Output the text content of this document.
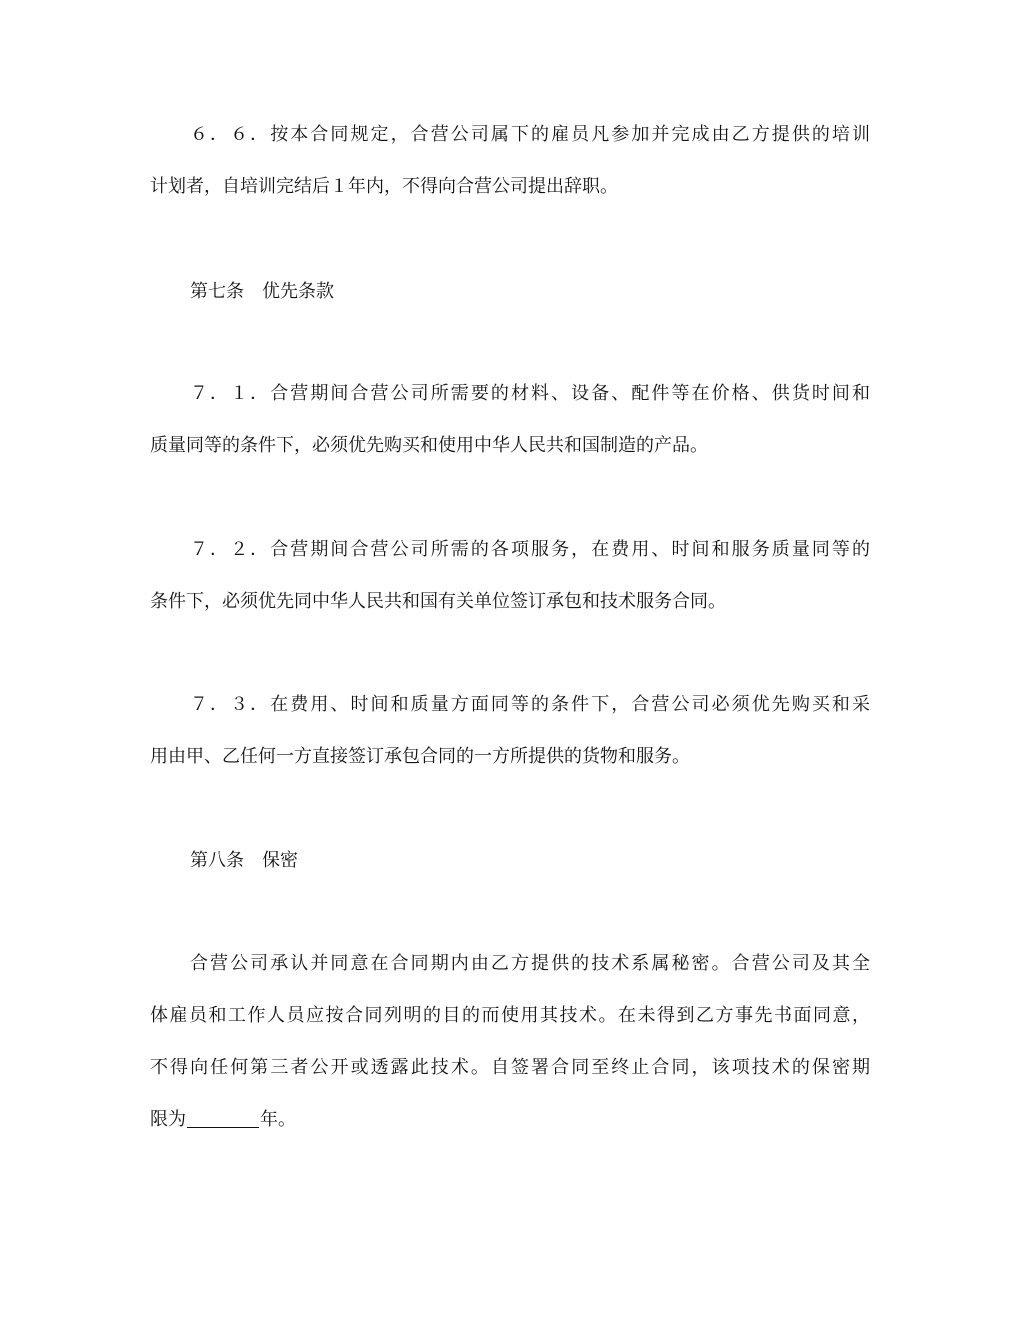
６．６．按本合同规定，合营公司属下的雇员凡参加并完成由乙方提供的培训
计划者，自培训完结后１年内，不得向合营公司提出辞职。
第七条　优先条款
７．１．合营期间合营公司所需要的材料、设备、配件等在价格、供货时间和
质量同等的条件下，必须优先购买和使用中华人民共和国制造的产品。
７．２．合营期间合营公司所需的各项服务，在费用、时间和服务质量同等的
条件下，必须优先同中华人民共和国有关单位签订承包和技术服务合同。
７．３．在费用、时间和质量方面同等的条件下，合营公司必须优先购买和采
用由甲、乙任何一方直接签订承包合同的一方所提供的货物和服务。
第八条　保密
合营公司承认并同意在合同期内由乙方提供的技术系属秘密。合营公司及其全
体雇员和工作人员应按合同列明的目的而使用其技术。在未得到乙方事先书面同意，
不得向任何第三者公开或透露此技术。自签署合同至终止合同，该项技术的保密期
限为	年。
